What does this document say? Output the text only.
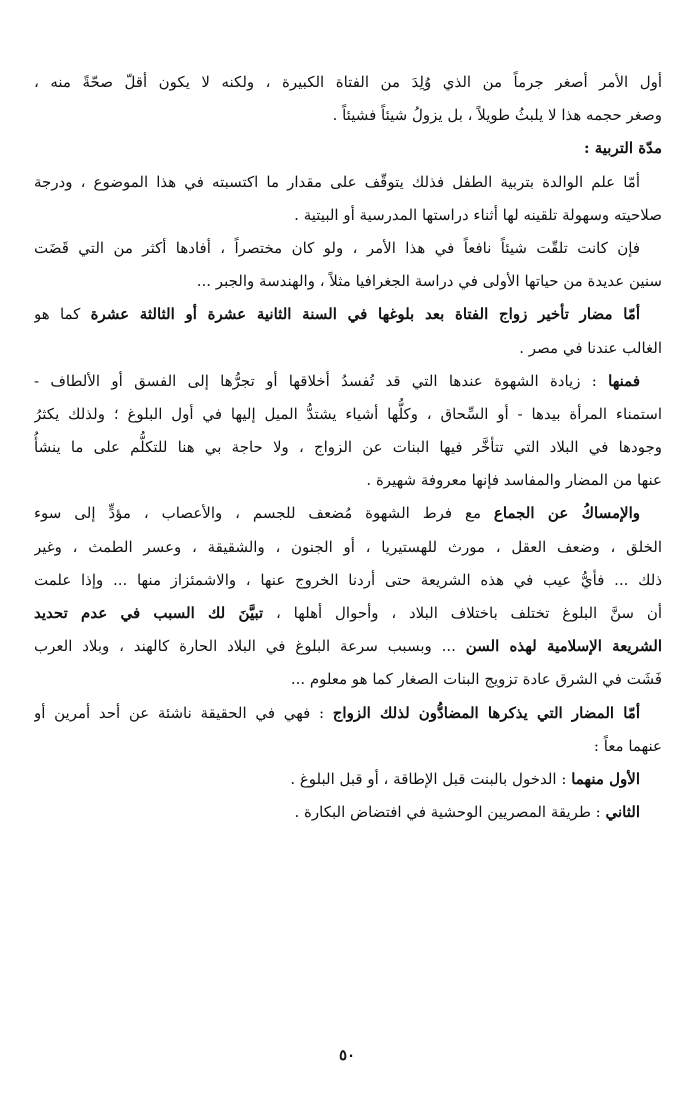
أول الأمر أصغر جرماً من الذي وُلِدَ من الفتاة الكبيرة ، ولكنه لا يكون أقلّ صحّةً منه ،
وصغر حجمه هذا لا يلبثُ طويلاً ، بل يزولُ شيئاً فشيئاً .
مدّة التربية :
أمّا علم الوالدة بتربية الطفل فذلك يتوقّف على مقدار ما اكتسبته في هذا الموضوع ، ودرجة
صلاحيته وسهولة تلقينه لها أثناء دراستها المدرسية أو البيتية .
فإن كانت تلقّت شيئاً نافعاً في هذا الأمر ، ولو كان مختصراً ، أفادها أكثر من التي قَضَت
سنين عديدة من حياتها الأولى في دراسة الجغرافيا مثلاً ، والهندسة والجبر ...
أمّا مضار تأخير زواج الفتاة بعد بلوغها في السنة الثانية عشرة أو الثالثة عشرة كما هو
الغالب عندنا في مصر .
فمنها : زيادة الشهوة عندها التي قد تُفسدُ أخلاقها أو تجرُّها إلى الفسق أو الألطاف -
استمناء المرأة بيدها - أو السِّحاق ، وكلُّها أشياء يشتدُّ الميل إليها في أول البلوغ ؛ ولذلك يكثرُ
وجودها في البلاد التي تتأخَّر فيها البنات عن الزواج ، ولا حاجة بي هنا للتكلُّم على ما ينشأُ
عنها من المضار والمفاسد فإنها معروفة شهيرة .
والإمساكُ عن الجماع مع فرط الشهوة مُضعف للجسم ، والأعصاب ، مؤدٍّ إلى سوء
الخلق ، وضعف العقل ، مورث للهستيريا ، أو الجنون ، والشقيقة ، وعسر الطمث ، وغير
ذلك ... فأيُّ عيب في هذه الشريعة حتى أردنا الخروج عنها ، والاشمئزاز منها ... وإذا علمت
أن سنَّ البلوغ تختلف باختلاف البلاد ، وأحوال أهلها ، تبيَّنَ لك السبب في عدم تحديد
الشريعة الإسلامية لهذه السن ... وبسبب سرعة البلوغ في البلاد الحارة كالهند ، وبلاد العرب
فَشَت في الشرق عادة تزويج البنات الصغار كما هو معلوم ...
أمّا المضار التي يذكرها المضادُّون لذلك الزواج : فهي في الحقيقة ناشئة عن أحد أمرين أو
عنهما معاً :
الأول منهما : الدخول بالبنت قبل الإطاقة ، أو قبل البلوغ .
الثاني : طريقة المصريين الوحشية في افتضاض البكارة .
٥٠
